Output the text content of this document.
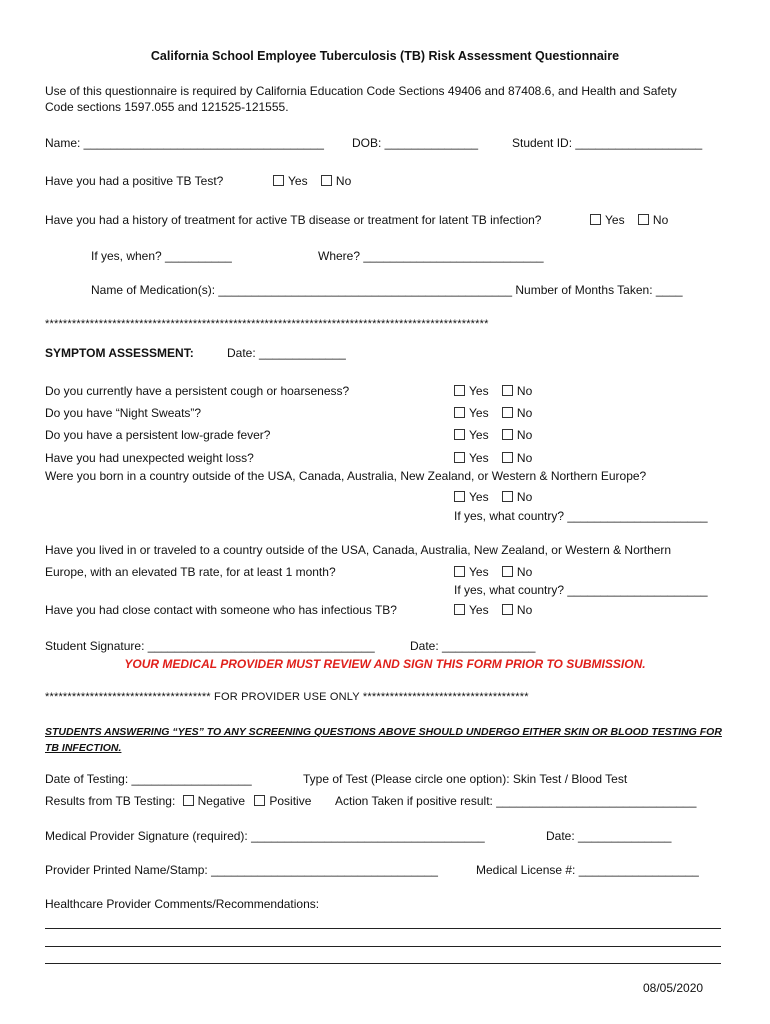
California School Employee Tuberculosis (TB) Risk Assessment Questionnaire
Use of this questionnaire is required by California Education Code Sections 49406 and 87408.6, and Health and Safety
Code sections 1597.055 and 121525-121555.
Name: ____________________________________ DOB: ______________	Student ID: ___________________
Have you had a positive TB Test?	Yes No
Have you had a history of treatment for active TB disease or treatment for latent TB infection?	Yes No
If yes, when? __________	Where? ___________________________
Name of Medication(s): ____________________________________________ Number of Months Taken: ____
***************************************************************************************************
SYMPTOM ASSESSMENT:	Date: _____________
Do you currently have a persistent cough or hoarseness?	Yes No
Do you have “Night Sweats”?	Yes No
Do you have a persistent low-grade fever?	Yes No
Have you had unexpected weight loss?	Yes No
Were you born in a country outside of the USA, Canada, Australia, New Zealand, or Western & Northern Europe?
Yes No
If yes, what country? _____________________
Have you lived in or traveled to a country outside of the USA, Canada, Australia, New Zealand, or Western & Northern
Europe, with an elevated TB rate, for at least 1 month?	Yes No
If yes, what country? _____________________
Have you had close contact with someone who has infectious TB?	Yes No
Student Signature: __________________________________	Date: ______________
YOUR MEDICAL PROVIDER MUST REVIEW AND SIGN THIS FORM PRIOR TO SUBMISSION.
************************************* FOR PROVIDER USE ONLY *************************************
STUDENTS ANSWERING “YES” TO ANY SCREENING QUESTIONS ABOVE SHOULD UNDERGO EITHER SKIN OR BLOOD TESTING FOR
TB INFECTION.
Date of Testing: __________________	Type of Test (Please circle one option): Skin Test / Blood Test
Results from TB Testing: Negative Positive	Action Taken if positive result: ______________________________
Medical Provider Signature (required): ___________________________________	Date: ______________
Provider Printed Name/Stamp: __________________________________	Medical License #: __________________
Healthcare Provider Comments/Recommendations:
08/05/2020
